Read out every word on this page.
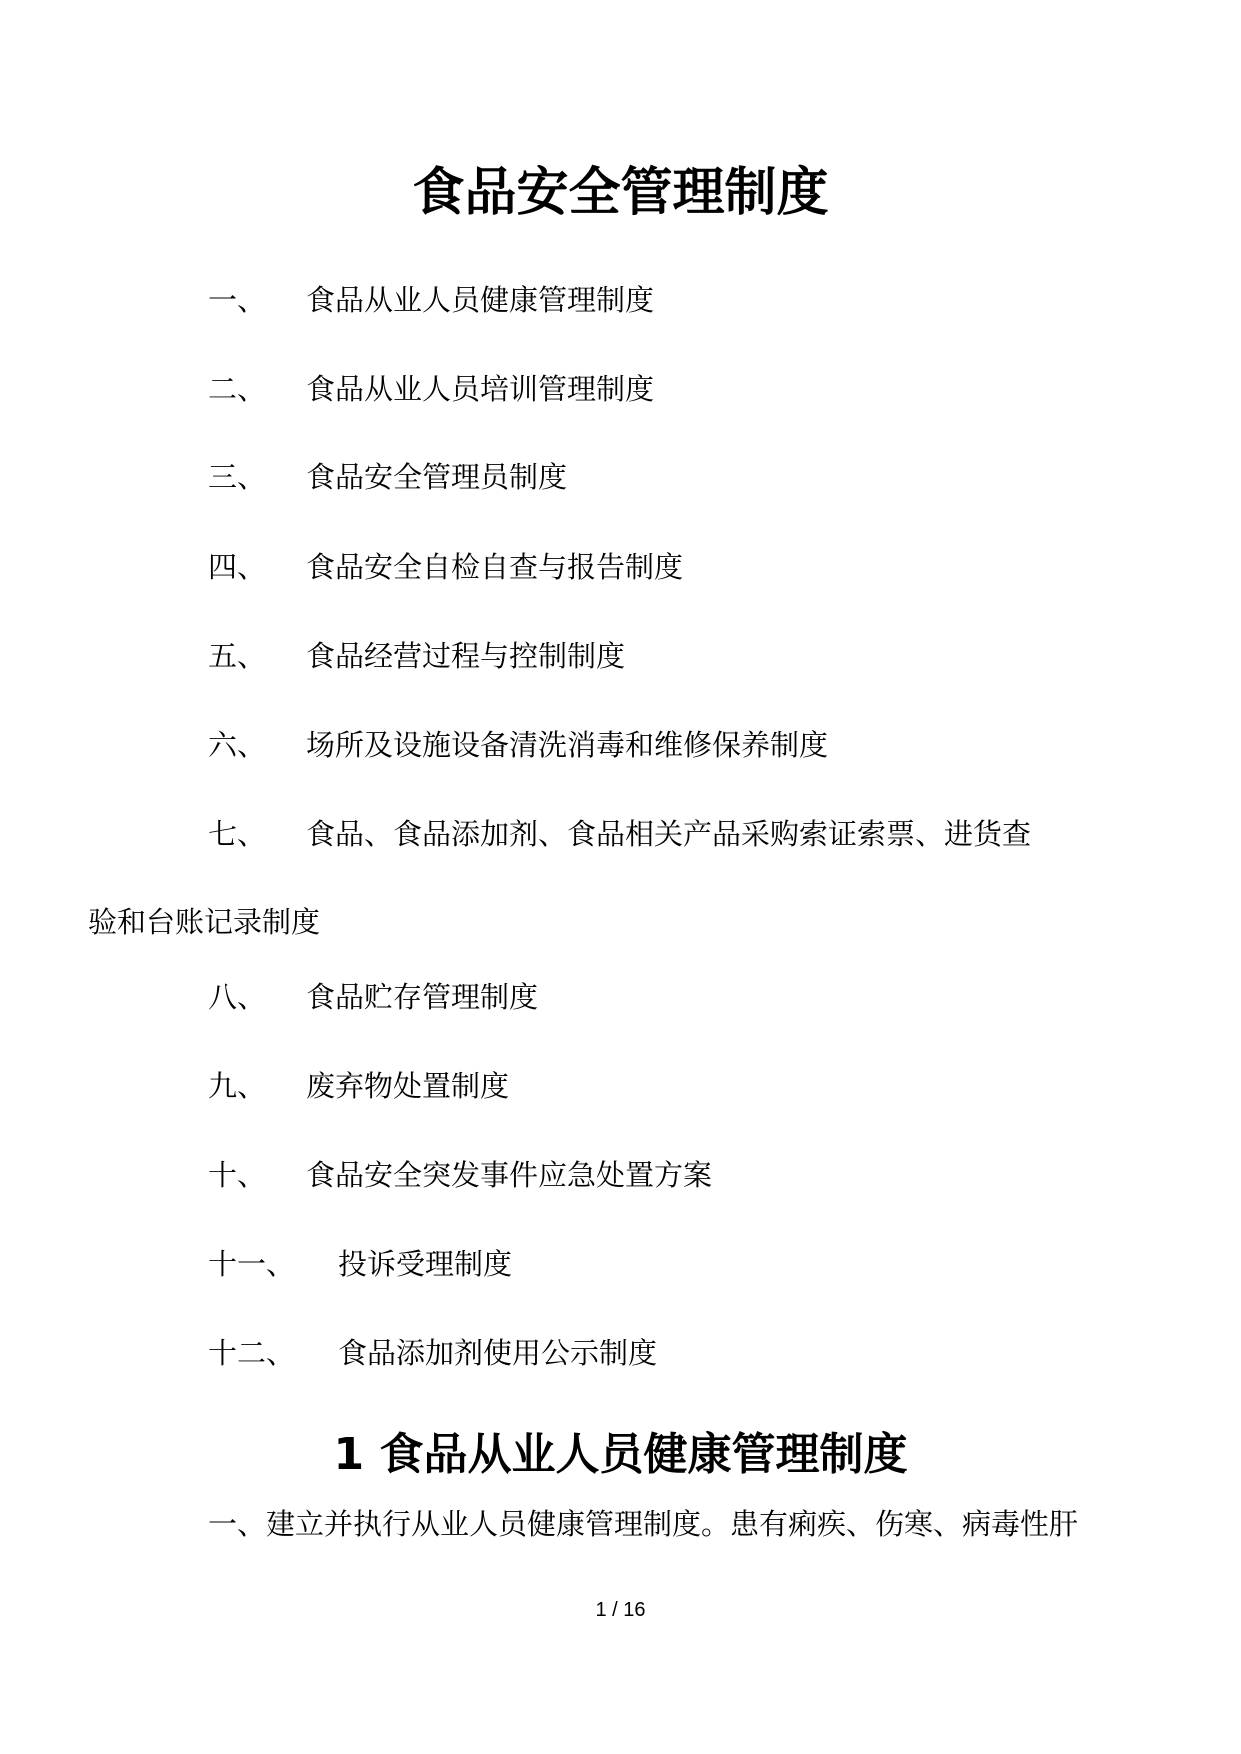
食品安全管理制度
一、 食品从业人员健康管理制度
二、 食品从业人员培训管理制度
三、 食品安全管理员制度
四、 食品安全自检自查与报告制度
五、 食品经营过程与控制制度
六、 场所及设施设备清洗消毒和维修保养制度
七、	食品、食品添加剂、食品相关产品采购索证索票、进货查验和台账记录制度
八、 食品贮存管理制度
九、 废弃物处置制度
十、 食品安全突发事件应急处置方案
十一、 投诉受理制度
十二、 食品添加剂使用公示制度
1 食品从业人员健康管理制度

一、建立并执行从业人员健康管理制度。患有痢疾、伤寒、病毒性肝

1 / 16
